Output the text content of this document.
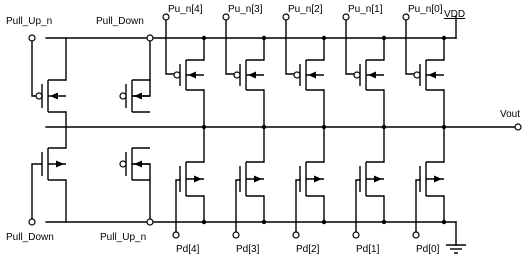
Pull_Up_n	Pull_Down
VDD
Vout
Pull_Down	Pull_Up_n
Pu_n[4]
Pd[4]
Pu_n[3]
Pd[3]
Pu_n[2]
Pd[2]
Pu_n[1]
Pd[1]
Pu_n[0]
Pd[0]
